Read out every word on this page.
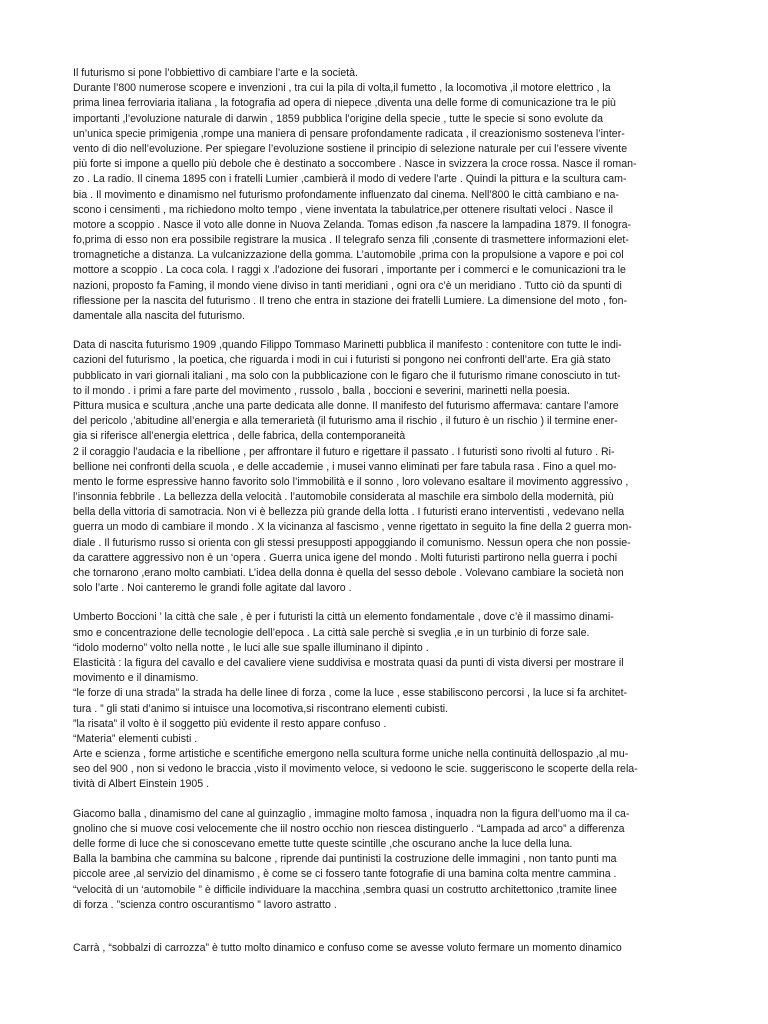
Il futurismo si pone l’obbiettivo di cambiare l’arte e la società.
Durante l’800 numerose scopere e invenzioni , tra cui la pila di volta,il fumetto , la locomotiva ,il motore elettrico , la
prima linea ferroviaria italiana , la fotografia ad opera di niepece ,diventa una delle forme di comunicazione tra le più
importanti ,l’evoluzione naturale di darwin , 1859 pubblica l’origine della specie , tutte le specie si sono evolute da
un’unica specie primigenia ,rompe una maniera di pensare profondamente radicata , il creazionismo sosteneva l’inter-
vento di dio nell’evoluzione. Per spiegare l’evoluzione sostiene il principio di selezione naturale per cui l’essere vivente
più forte si impone a quello più debole che è destinato a soccombere . Nasce in svizzera la croce rossa. Nasce il roman-
zo . La radio. Il cinema 1895 con i fratelli Lumier ,cambierà il modo di vedere l’arte . Quindi la pittura e la scultura cam-
bia . Il movimento e dinamismo nel futurismo profondamente influenzato dal cinema. Nell’800 le città cambiano e na-
scono i censimenti , ma richiedono molto tempo , viene inventata la tabulatrice,per ottenere risultati veloci . Nasce il
motore a scoppio . Nasce il voto alle donne in Nuova Zelanda. Tomas edison ,fa nascere la lampadina 1879. Il fonogra-
fo,prima di esso non era possibile registrare la musica . Il telegrafo senza fili ,consente di trasmettere informazioni elet-
tromagnetiche a distanza. La vulcanizzazione della gomma. L’automobile ,prima con la propulsione a vapore e poi col
mottore a scoppio . La coca cola. I raggi x .l’adozione dei fusorari , importante per i commerci e le comunicazioni tra le
nazioni, proposto fa Faming, il mondo viene diviso in tanti meridiani , ogni ora c’è un meridiano . Tutto ciò da spunti di
riflessione per la nascita del futurismo . Il treno che entra in stazione dei fratelli Lumiere. La dimensione del moto , fon-
damentale alla nascita del futurismo.
Data di nascita futurismo 1909 ,quando Filippo Tommaso Marinetti pubblica il manifesto : contenitore con tutte le indi-
cazioni del futurismo , la poetica, che riguarda i modi in cui i futuristi si pongono nei confronti dell’arte. Era già stato
pubblicato in vari giornali italiani , ma solo con la pubblicazione con le figaro che il futurismo rimane conosciuto in tut-
to il mondo . i primi a fare parte del movimento , russolo , balla , boccioni e severini, marinetti nella poesia.
Pittura musica e scultura ,anche una parte dedicata alle donne. Il manifesto del futurismo affermava: cantare l’amore
del pericolo ,’abitudine all’energia e alla temerarietà (il futurismo ama il rischio , il futuro è un rischio ) il termine ener-
gia si riferisce all’energia elettrica , delle fabrica, della contemporaneità
2 il coraggio l’audacia e la ribellione , per affrontare il futuro e rigettare il passato . I futuristi sono rivolti al futuro . Ri-
bellione nei confronti della scuola , e delle accademie , i musei vanno eliminati per fare tabula rasa . Fino a quel mo-
mento le forme espressive hanno favorito solo l’immobilità e il sonno , loro volevano esaltare il movimento aggressivo ,
l’insonnia febbrile . La bellezza della velocità . l’automobile considerata al maschile era simbolo della modernità, più
bella della vittoria di samotracia. Non vi è bellezza più grande della lotta . I futuristi erano interventisti , vedevano nella
guerra un modo di cambiare il mondo . X la vicinanza al fascismo , venne rigettato in seguito la fine della 2 guerra mon-
diale . Il futurismo russo si orienta con gli stessi presupposti appoggiando il comunismo. Nessun opera che non possie-
da carattere aggressivo non è un ‘opera . Guerra unica igene del mondo . Molti futuristi partirono nella guerra i pochi
che tornarono ,erano molto cambiati. L’idea della donna è quella del sesso debole . Volevano cambiare la società non
solo l’arte . Noi canteremo le grandi folle agitate dal lavoro .
Umberto Boccioni ’ la città che sale , è per i futuristi la città un elemento fondamentale , dove c’è il massimo dinami-
smo e concentrazione delle tecnologie dell’epoca . La città sale perchè si sveglia ,e in un turbinio di forze sale.
“idolo moderno” volto nella notte , le luci alle sue spalle illuminano il dipinto .
Elasticità : la figura del cavallo e del cavaliere viene suddivisa e mostrata quasi da punti di vista diversi per mostrare il
movimento e il dinamismo.
“le forze di una strada” la strada ha delle linee di forza , come la luce , esse stabiliscono percorsi , la luce si fa architet-
tura . ” gli stati d’animo si intuisce una locomotiva,si riscontrano elementi cubisti.
”la risata” il volto è il soggetto più evidente il resto appare confuso .
“Materia” elementi cubisti .
Arte e scienza , forme artistiche e scentifiche emergono nella scultura forme uniche nella continuità dellospazio ,al mu-
seo del 900 , non si vedono le braccia ,visto il movimento veloce, si vedoono le scie. suggeriscono le scoperte della rela-
tività di Albert Einstein 1905 .
Giacomo balla , dinamismo del cane al guinzaglio , immagine molto famosa , inquadra non la figura dell’uomo ma il ca-
gnolino che si muove cosi velocemente che iil nostro occhio non riescea distinguerlo . “Lampada ad arco” a differenza
delle forme di luce che si conoscevano emette tutte queste scintille ,che oscurano anche la luce della luna.
Balla la bambina che cammina su balcone , riprende dai puntinisti la costruzione delle immagini , non tanto punti ma
piccole aree ,al servizio del dinamismo , è come se ci fossero tante fotografie di una bamina colta mentre cammina .
“velocità di un ‘automobile ” è difficile individuare la macchina ,sembra quasi un costrutto architettonico ,tramite linee
di forza . ”scienza contro oscurantismo ” lavoro astratto .
Carrà , “sobbalzi di carrozza” è tutto molto dinamico e confuso come se avesse voluto fermare un momento dinamico
